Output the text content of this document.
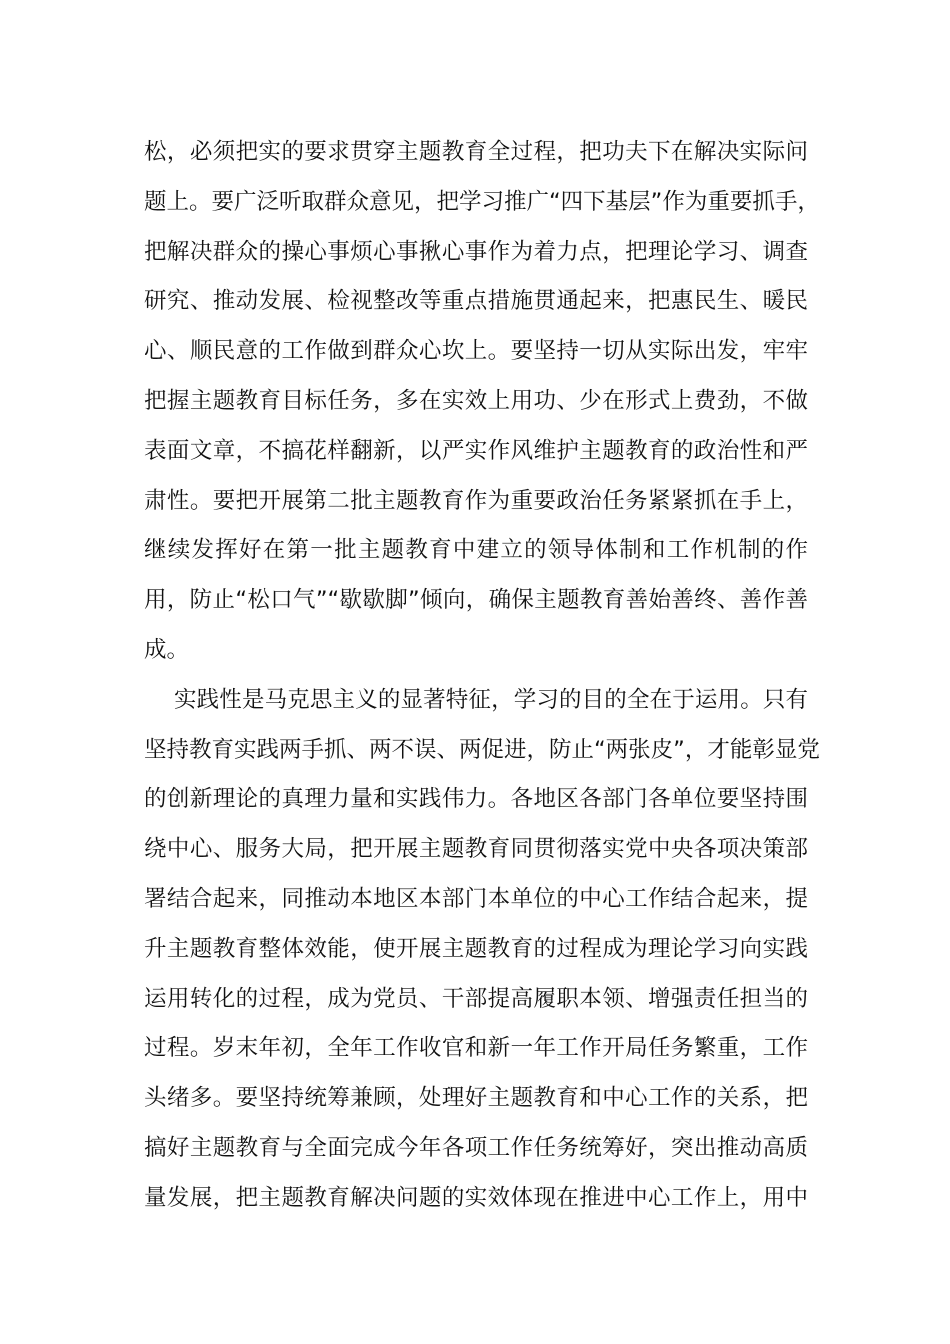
松，必须把实的要求贯穿主题教育全过程，把功夫下在解决实际问
题上。要广泛听取群众意见，把学习推广“四下基层”作为重要抓手，
把解决群众的操心事烦心事揪心事作为着力点，把理论学习、调查
研究、推动发展、检视整改等重点措施贯通起来，把惠民生、暖民
心、顺民意的工作做到群众心坎上。要坚持一切从实际出发，牢牢
把握主题教育目标任务，多在实效上用功、少在形式上费劲，不做
表面文章，不搞花样翻新，以严实作风维护主题教育的政治性和严
肃性。要把开展第二批主题教育作为重要政治任务紧紧抓在手上，
继续发挥好在第一批主题教育中建立的领导体制和工作机制的作
用，防止“松口气”“歇歇脚”倾向，确保主题教育善始善终、善作善
成。
实践性是马克思主义的显著特征，学习的目的全在于运用。只有
坚持教育实践两手抓、两不误、两促进，防止“两张皮”，才能彰显党
的创新理论的真理力量和实践伟力。各地区各部门各单位要坚持围
绕中心、服务大局，把开展主题教育同贯彻落实党中央各项决策部
署结合起来，同推动本地区本部门本单位的中心工作结合起来，提
升主题教育整体效能，使开展主题教育的过程成为理论学习向实践
运用转化的过程，成为党员、干部提高履职本领、增强责任担当的
过程。岁末年初，全年工作收官和新一年工作开局任务繁重，工作
头绪多。要坚持统筹兼顾，处理好主题教育和中心工作的关系，把
搞好主题教育与全面完成今年各项工作任务统筹好，突出推动高质
量发展，把主题教育解决问题的实效体现在推进中心工作上，用中
